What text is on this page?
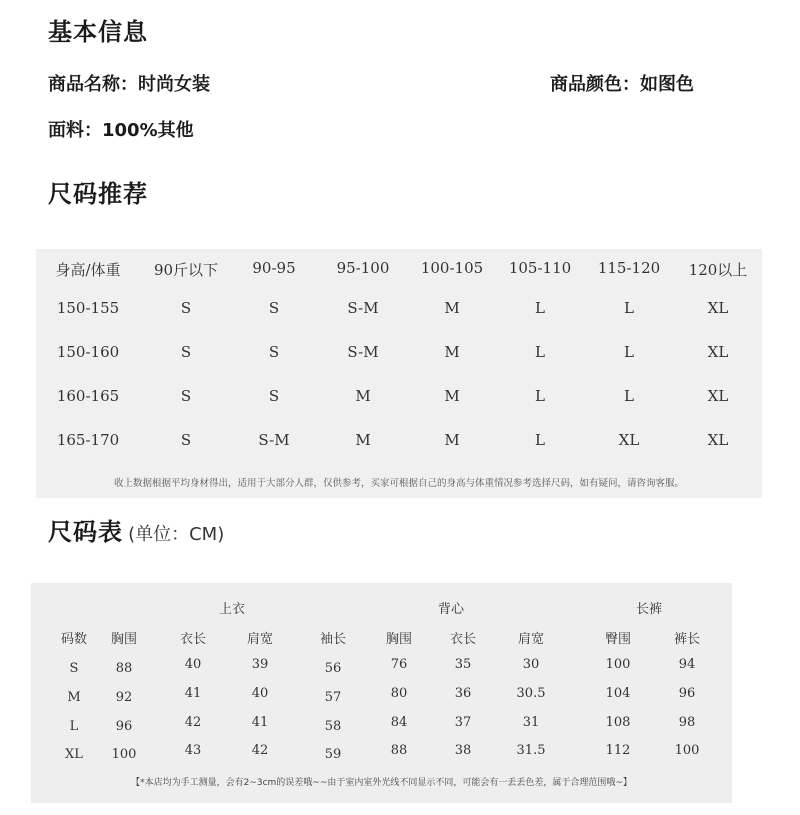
基本信息
商品名称：时尚女装	商品颜色：如图色
面料：100%其他
尺码推荐
身高/体重	90斤以下	90-95	95-100	100-105	105-110	115-120	120以上
150-155	S	S	S-M	M	L	L	XL
150-160	S	S	S-M	M	L	L	XL
160-165	S	S	M	M	L	L	XL
165-170	S	S-M	M	M	L	XL	XL
收上数据根据平均身材得出，适用于大部分人群，仅供参考，买家可根据自己的身高与体重情况参考选择尺码，如有疑问，请咨询客服。
尺码表 (单位：CM)
上衣	背心	长裤
码数 胸围	衣长	肩宽	袖长	胸围	衣长	肩宽	臀围	裤长
S	88	40	39	56	76	35	30	100	94
M	92	41	40	57	80	36	30.5	104	96
L	96	42	41	58	84	37	31	108	98
XL 100	43	42	59	88	38	31.5	112	100
【*本店均为手工测量，会有2~3cm的误差哦~~由于室内室外光线不同显示不同，可能会有一丢丢色差，属于合理范围哦~】
